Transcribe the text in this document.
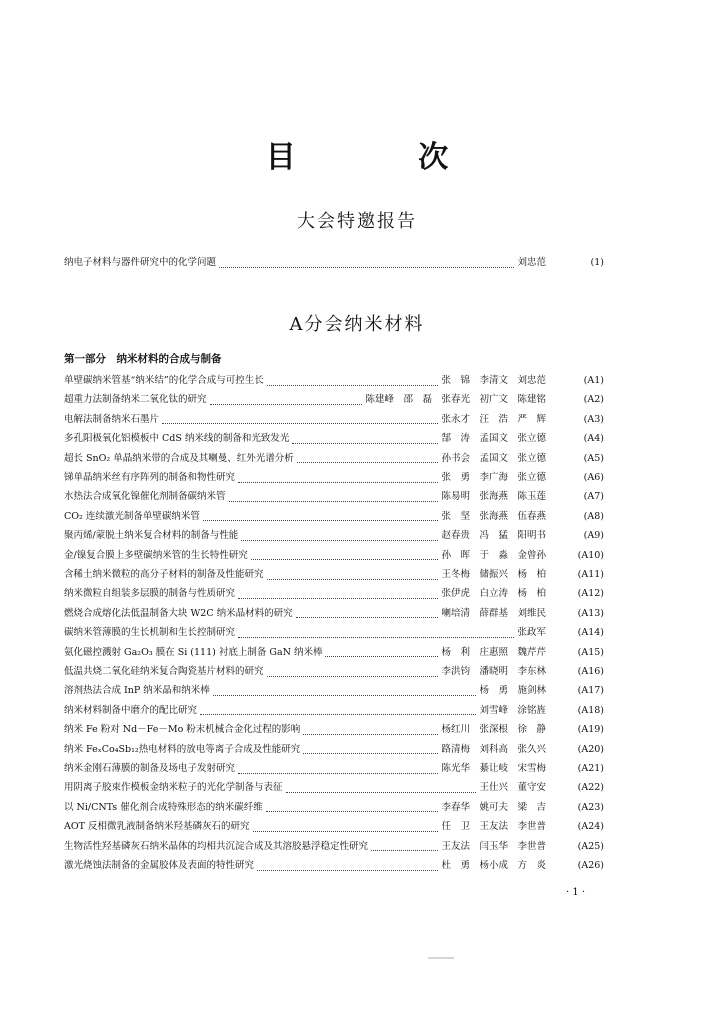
目 次
大会特邀报告
纳电子材料与器件研究中的化学问题	刘忠范	(1)
A分会纳米材料
第一部分　纳米材料的合成与制备
单壁碳纳米管基“纳米结”的化学合成与可控生长	张　锦　李清文　刘忠范	(A1)
超重力法制备纳米二氧化钛的研究	陈建峰　邵　磊　张春光　初广文　陈建铭	(A2)
电解法制备纳米石墨片	张永才　汪　浩　严　辉	(A3)
多孔阳极氧化铝模板中 CdS 纳米线的制备和光致发光	郜　涛　孟国文　张立德	(A4)
超长 SnO₂ 单晶纳米带的合成及其喇曼、红外光谱分析	孙书会　孟国文　张立德	(A5)
锑单晶纳米丝有序阵列的制备和物性研究	张　勇　李广海　张立德	(A6)
水热法合成氧化镍催化剂制备碳纳米管	陈易明　张海燕　陈玉莲	(A7)
CO₂ 连续激光制备单壁碳纳米管	张　坚　张海燕　伍春燕	(A8)
聚丙烯/蒙脱土纳米复合材料的制备与性能	赵春贵　冯　猛　阳明书	(A9)
金/镍复合膜上多壁碳纳米管的生长特性研究	孙　晖　于　淼　金曾孙	(A10)
含稀土纳米微粒的高分子材料的制备及性能研究	王冬梅　储振兴　杨　柏	(A11)
纳米微粒自组装多层膜的制备与性质研究	张伊虎　白立涛　杨　柏	(A12)
燃烧合成熔化法低温制备大块 W2C 纳米晶材料的研究	喇培清　薛群基　刘维民	(A13)
碳纳米管薄膜的生长机制和生长控制研究	张政军	(A14)
氨化磁控溅射 Ga₂O₃ 膜在 Si (111) 衬底上制备 GaN 纳米棒	杨　利　庄惠照　魏芹芹	(A15)
低温共烧二氧化硅纳米复合陶瓷基片材料的研究	李洪钧　潘晓明　李东林	(A16)
溶剂热法合成 InP 纳米晶和纳米棒	杨　勇　施剑林	(A17)
纳米材料制备中磨介的配比研究	刘雪峰　涂铭旌	(A18)
纳米 Fe 粉对 Nd－Fe－Mo 粉末机械合金化过程的影响	杨红川　张深根　徐　静	(A19)
纳米 FeₓCo₄Sb₁₂热电材料的放电等离子合成及性能研究	路清梅　刘科高　张久兴	(A20)
纳米金刚石薄膜的制备及场电子发射研究	陈光华　綦让岐　宋雪梅	(A21)
用阴离子胶束作模板金纳米粒子的光化学制备与表征	王仕兴　董守安	(A22)
以 Ni/CNTs 催化剂合成特殊形态的纳米碳纤维	李春华　姚可夫　梁　吉	(A23)
AOT 反相微乳液制备纳米羟基磷灰石的研究	任　卫　王友法　李世普	(A24)
生物活性羟基磷灰石纳米晶体的均相共沉淀合成及其溶胶悬浮稳定性研究	王友法　闫玉华　李世普	(A25)
激光烧蚀法制备的金属胶体及表面的特性研究	杜　勇　杨小成　方　炎	(A26)
· 1 ·
